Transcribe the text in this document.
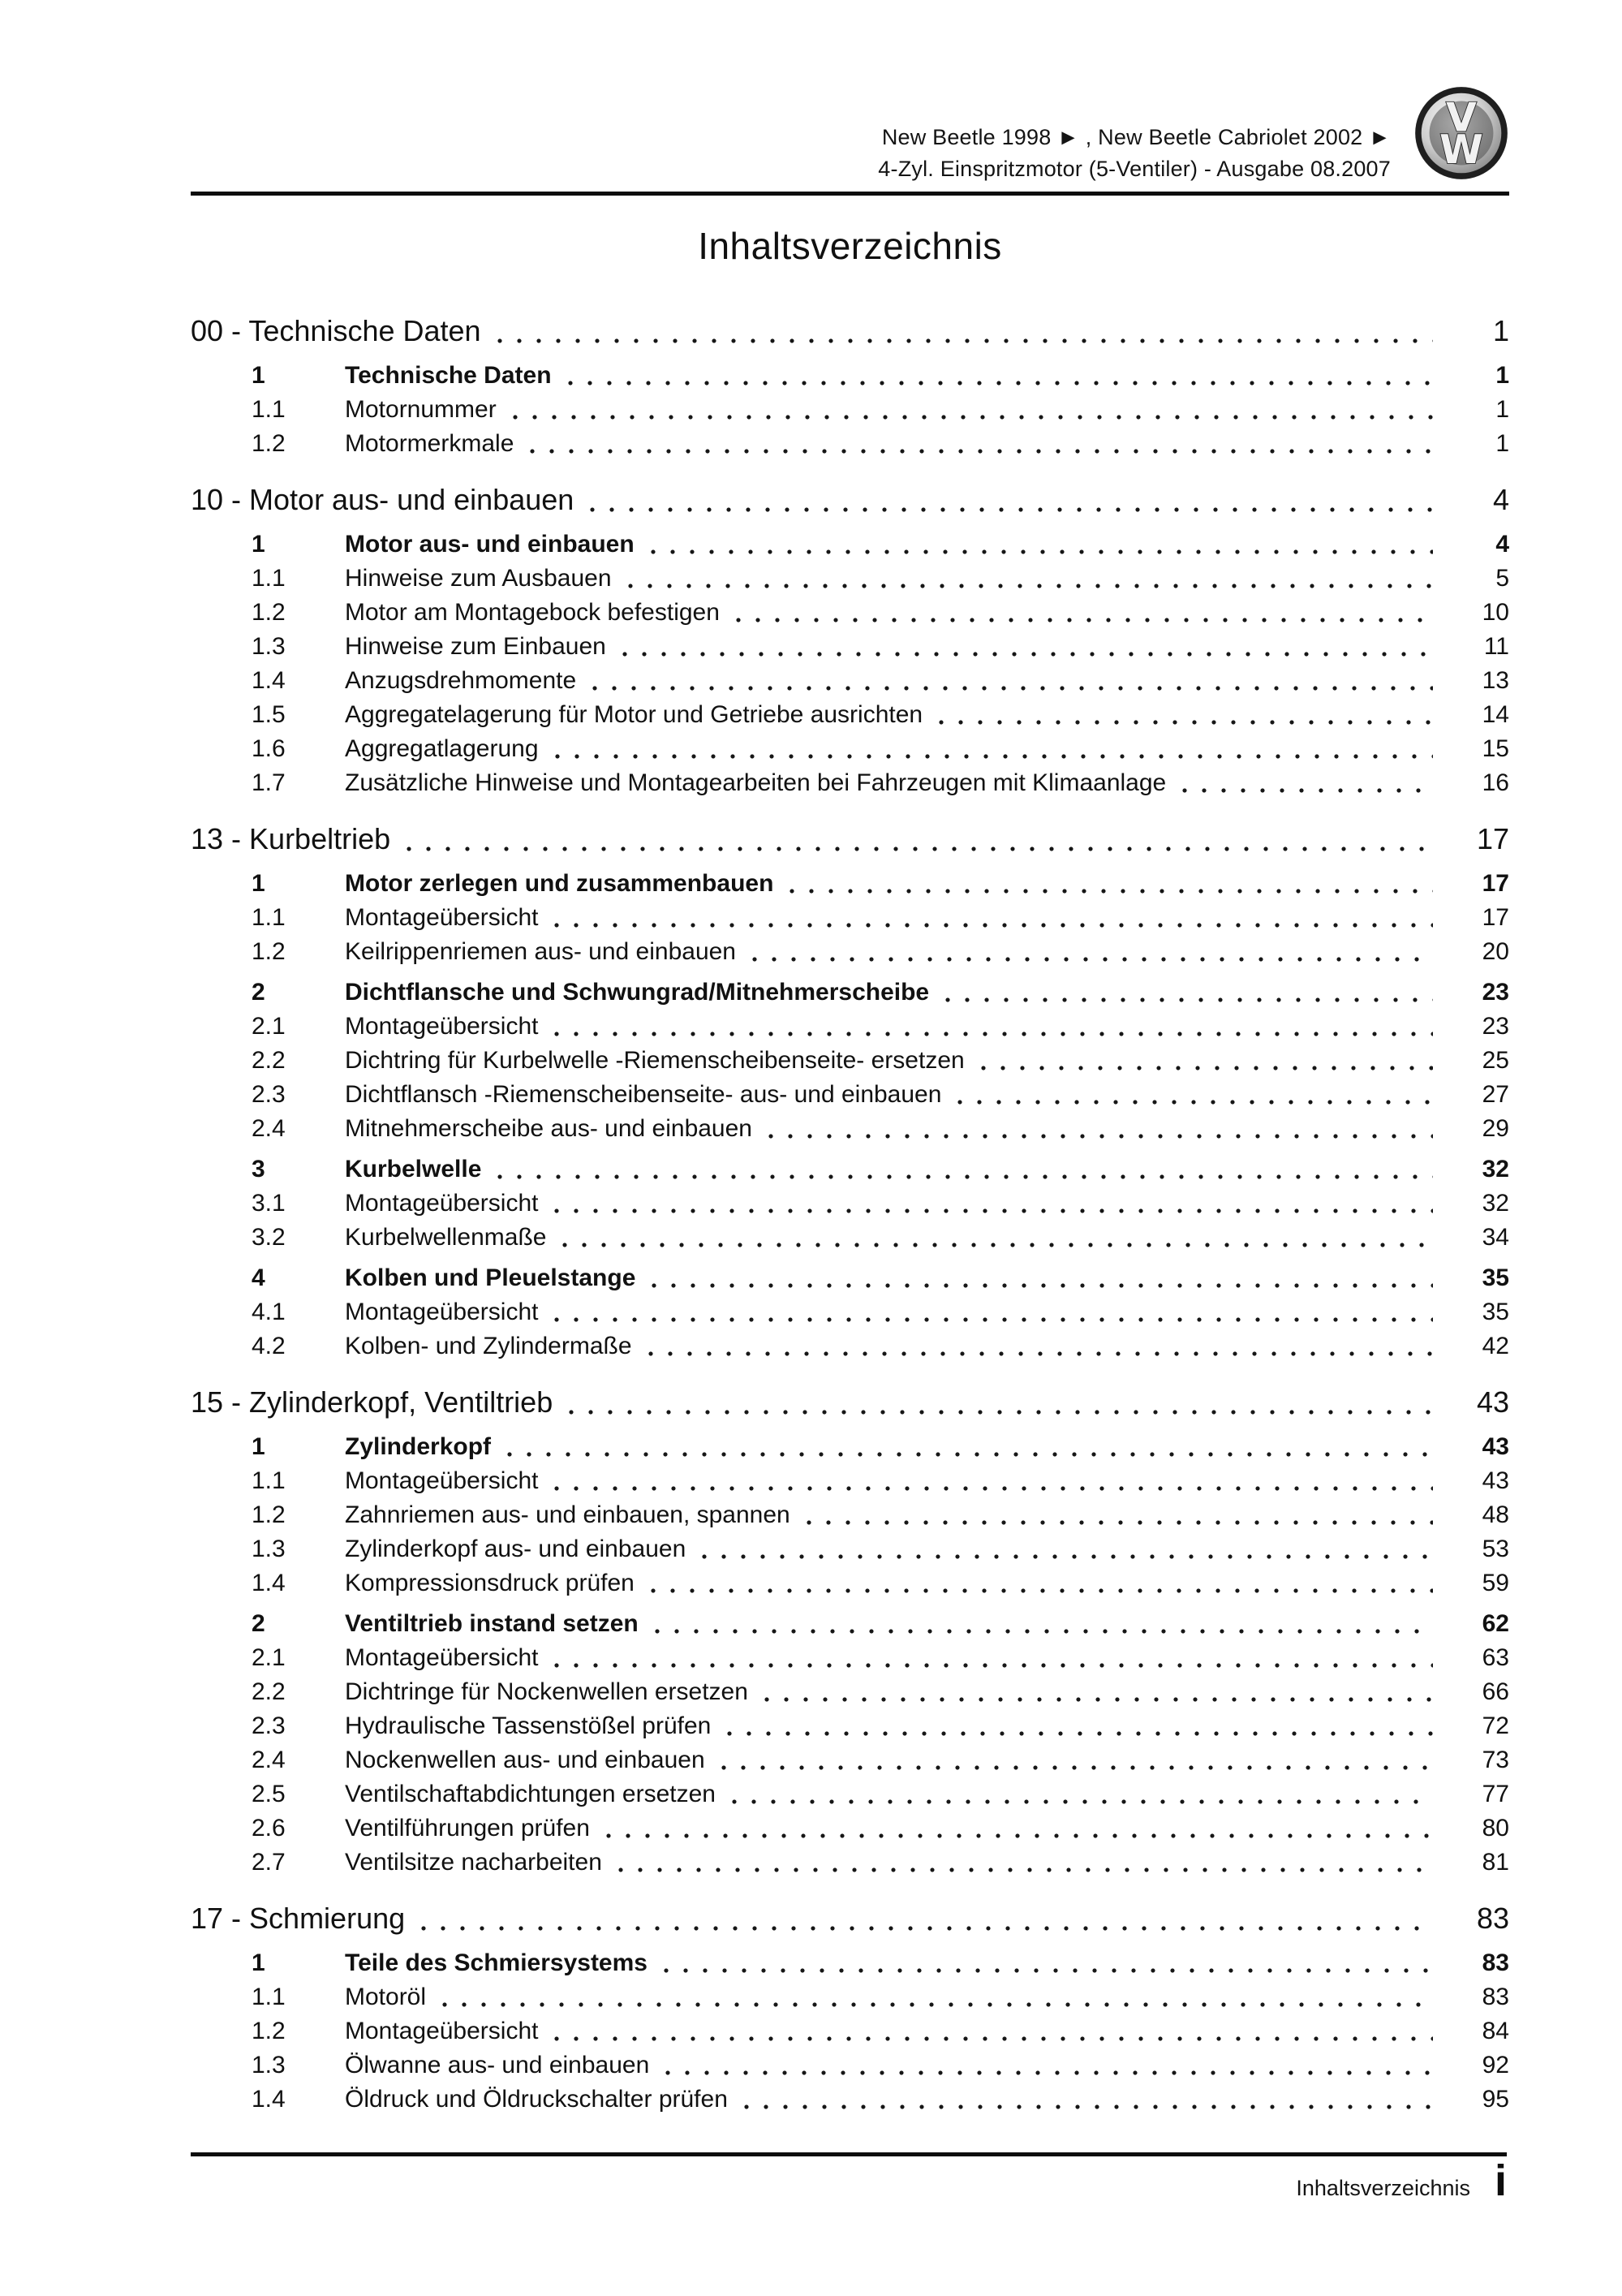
New Beetle 1998 ► , New Beetle Cabriolet 2002 ►
4-Zyl. Einspritzmotor (5-Ventiler) - Ausgabe 08.2007
V
W
Inhaltsverzeichnis
00 - Technische Daten	1
1	Technische Daten	1
1.1	Motornummer	1
1.2	Motormerkmale	1
10 - Motor aus- und einbauen	4
1	Motor aus- und einbauen	4
1.1	Hinweise zum Ausbauen	5
1.2	Motor am Montagebock befestigen	10
1.3	Hinweise zum Einbauen	11
1.4	Anzugsdrehmomente	13
1.5	Aggregatelagerung für Motor und Getriebe ausrichten	14
1.6	Aggregatlagerung	15
1.7	Zusätzliche Hinweise und Montagearbeiten bei Fahrzeugen mit Klimaanlage	16
13 - Kurbeltrieb	17
1	Motor zerlegen und zusammenbauen	17
1.1	Montageübersicht	17
1.2	Keilrippenriemen aus- und einbauen	20
2	Dichtflansche und Schwungrad/Mitnehmerscheibe	23
2.1	Montageübersicht	23
2.2	Dichtring für Kurbelwelle -Riemenscheibenseite- ersetzen	25
2.3	Dichtflansch -Riemenscheibenseite- aus- und einbauen	27
2.4	Mitnehmerscheibe aus- und einbauen	29
3	Kurbelwelle	32
3.1	Montageübersicht	32
3.2	Kurbelwellenmaße	34
4	Kolben und Pleuelstange	35
4.1	Montageübersicht	35
4.2	Kolben- und Zylindermaße	42
15 - Zylinderkopf, Ventiltrieb	43
1	Zylinderkopf	43
1.1	Montageübersicht	43
1.2	Zahnriemen aus- und einbauen, spannen	48
1.3	Zylinderkopf aus- und einbauen	53
1.4	Kompressionsdruck prüfen	59
2	Ventiltrieb instand setzen	62
2.1	Montageübersicht	63
2.2	Dichtringe für Nockenwellen ersetzen	66
2.3	Hydraulische Tassenstößel prüfen	72
2.4	Nockenwellen aus- und einbauen	73
2.5	Ventilschaftabdichtungen ersetzen	77
2.6	Ventilführungen prüfen	80
2.7	Ventilsitze nacharbeiten	81
17 - Schmierung	83
1	Teile des Schmiersystems	83
1.1	Motoröl	83
1.2	Montageübersicht	84
1.3	Ölwanne aus- und einbauen	92
1.4	Öldruck und Öldruckschalter prüfen	95
Inhaltsverzeichnis i
